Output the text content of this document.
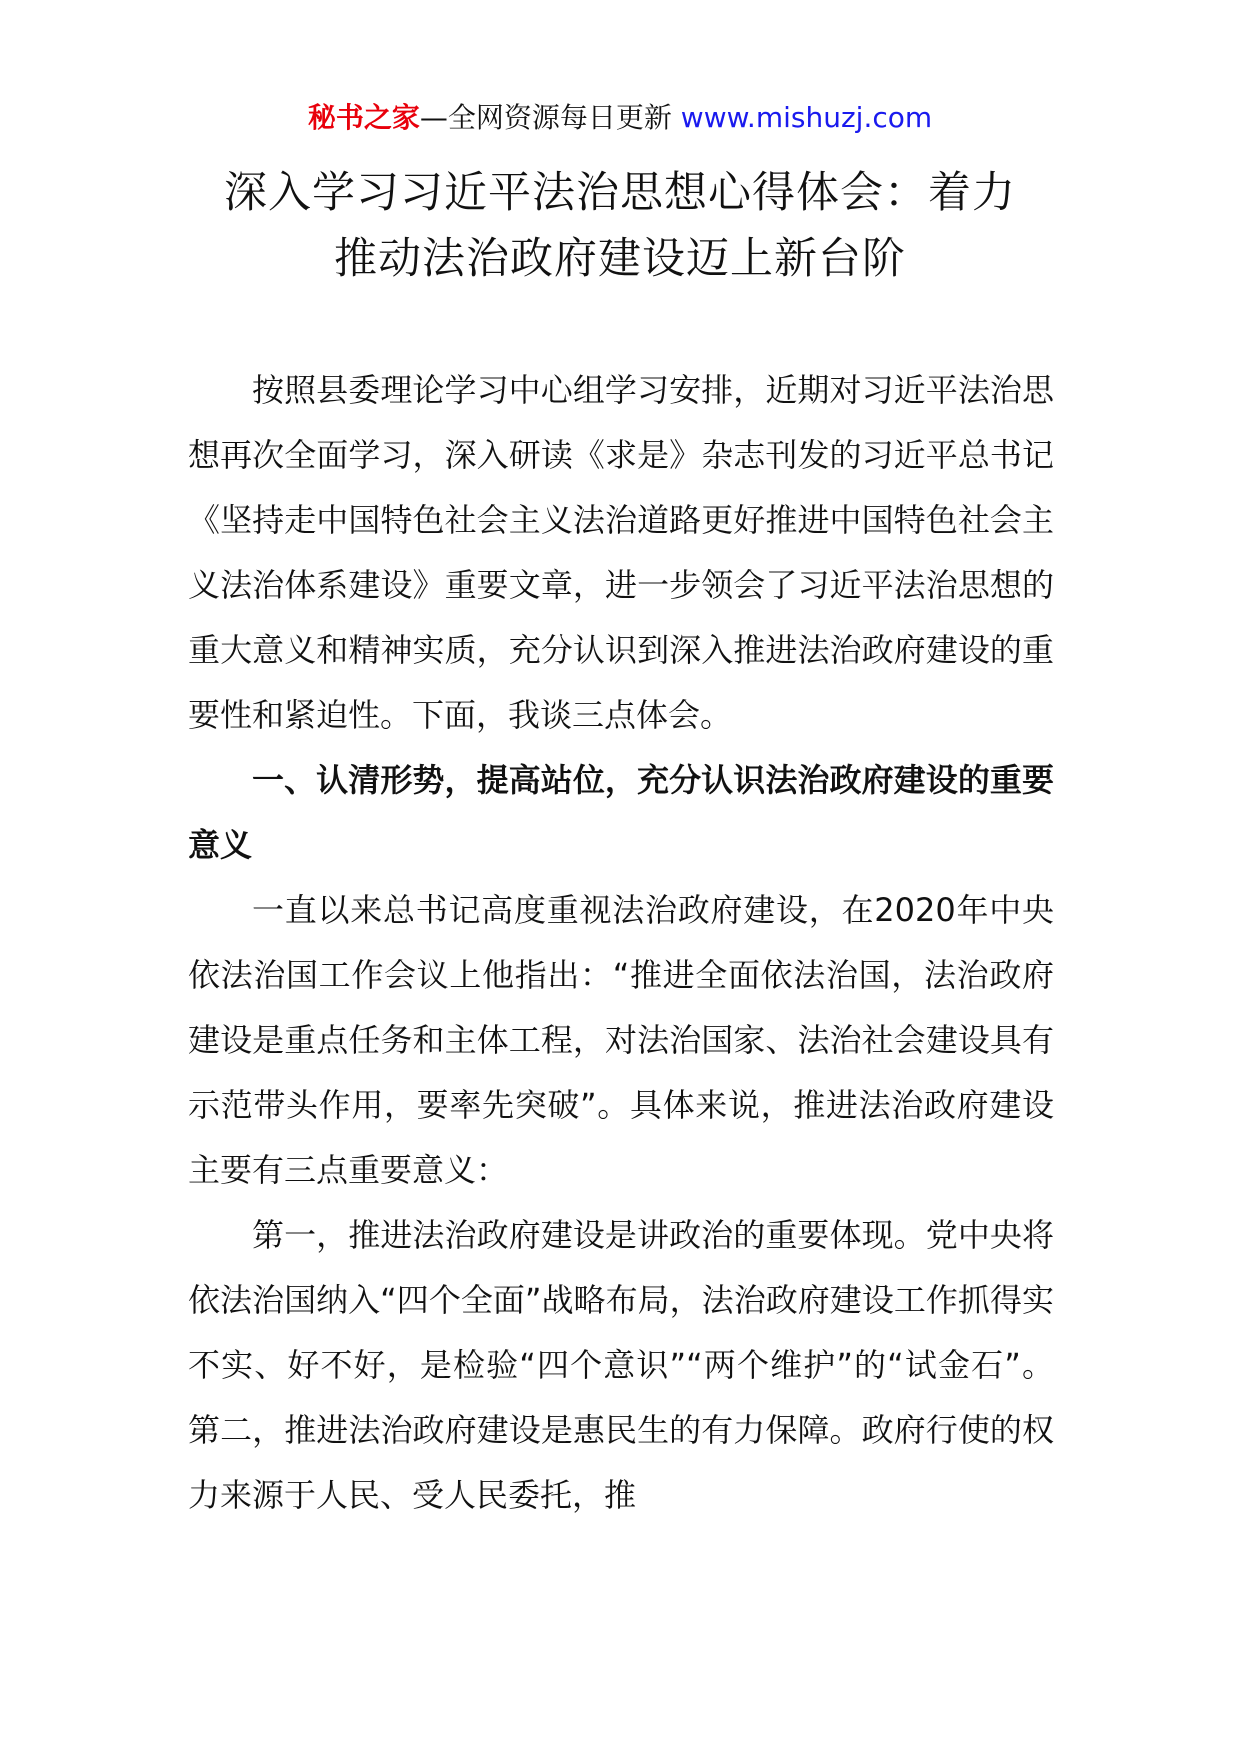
秘书之家—全网资源每日更新 www.mishuzj.com
深入学习习近平法治思想心得体会：着力
推动法治政府建设迈上新台阶

按照县委理论学习中心组学习安排，近期对习近平法治思想再次全面学习，深入研读《求是》杂志刊发的习近平总书记《坚持走中国特色社会主义法治道路更好推进中国特色社会主义法治体系建设》重要文章，进一步领会了习近平法治思想的重大意义和精神实质，充分认识到深入推进法治政府建设的重要性和紧迫性。下面，我谈三点体会。

一、认清形势，提高站位，充分认识法治政府建设的重要意义

一直以来总书记高度重视法治政府建设，在2020年中央依法治国工作会议上他指出：“推进全面依法治国，法治政府建设是重点任务和主体工程，对法治国家、法治社会建设具有示范带头作用，要率先突破”。具体来说，推进法治政府建设主要有三点重要意义：

第一，推进法治政府建设是讲政治的重要体现。党中央将依法治国纳入“四个全面”战略布局，法治政府建设工作抓得实不实、好不好，是检验“四个意识”“两个维护”的“试金石”。第二，推进法治政府建设是惠民生的有力保障。政府行使的权力来源于人民、受人民委托，推
